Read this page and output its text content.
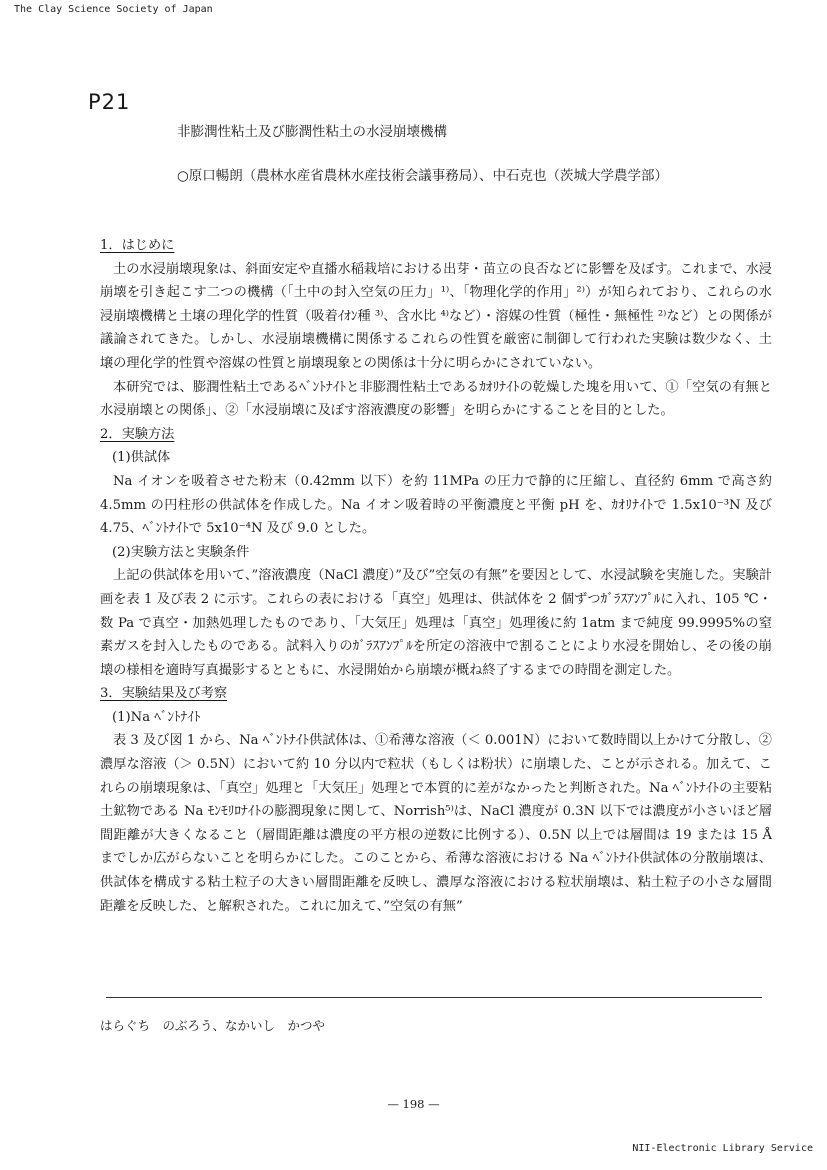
The Clay Science Society of Japan
P21
非膨潤性粘土及び膨潤性粘土の水浸崩壊機構
○原口暢朗（農林水産省農林水産技術会議事務局）、中石克也（茨城大学農学部）

1．はじめに

土の水浸崩壊現象は、斜面安定や直播水稲栽培における出芽・苗立の良否などに影響を及ぼす。これまで、水浸崩壊を引き起こす二つの機構（「土中の封入空気の圧力」¹⁾、「物理化学的作用」²⁾）が知られており、これらの水浸崩壊機構と土壌の理化学的性質（吸着ｲｵﾝ種 ³⁾、含水比 ⁴⁾など）・溶媒の性質（極性・無極性 ²⁾など）との関係が議論されてきた。しかし、水浸崩壊機構に関係するこれらの性質を厳密に制御して行われた実験は数少なく、土壌の理化学的性質や溶媒の性質と崩壊現象との関係は十分に明らかにされていない。

本研究では、膨潤性粘土であるﾍﾞﾝﾄﾅｲﾄと非膨潤性粘土であるｶｵﾘﾅｲﾄの乾燥した塊を用いて、①「空気の有無と水浸崩壊との関係」、②「水浸崩壊に及ぼす溶液濃度の影響」を明らかにすることを目的とした。

2．実験方法

(1)供試体

Na イオンを吸着させた粉末（0.42mm 以下）を約 11MPa の圧力で静的に圧縮し、直径約 6mm で高さ約 4.5mm の円柱形の供試体を作成した。Na イオン吸着時の平衡濃度と平衡 pH を、ｶｵﾘﾅｲﾄで 1.5x10⁻³N 及び 4.75、ﾍﾞﾝﾄﾅｲﾄで 5x10⁻⁴N 及び 9.0 とした。

(2)実験方法と実験条件

上記の供試体を用いて、”溶液濃度（NaCl 濃度）”及び”空気の有無”を要因として、水浸試験を実施した。実験計画を表 1 及び表 2 に示す。これらの表における「真空」処理は、供試体を 2 個ずつｶﾞﾗｽｱﾝﾌﾟﾙに入れ、105 ℃・数 Pa で真空・加熱処理したものであり、「大気圧」処理は「真空」処理後に約 1atm まで純度 99.9995%の窒素ガスを封入したものである。試料入りのｶﾞﾗｽｱﾝﾌﾟﾙを所定の溶液中で割ることにより水浸を開始し、その後の崩壊の様相を適時写真撮影するとともに、水浸開始から崩壊が概ね終了するまでの時間を測定した。

3．実験結果及び考察

(1)Na ﾍﾞﾝﾄﾅｲﾄ

表 3 及び図 1 から、Na ﾍﾞﾝﾄﾅｲﾄ供試体は、①希薄な溶液（＜ 0.001N）において数時間以上かけて分散し、②濃厚な溶液（＞ 0.5N）において約 10 分以内で粒状（もしくは粉状）に崩壊した、ことが示される。加えて、これらの崩壊現象は、「真空」処理と「大気圧」処理とで本質的に差がなかったと判断された。Na ﾍﾞﾝﾄﾅｲﾄの主要粘土鉱物である Na ﾓﾝﾓﾘﾛﾅｲﾄの膨潤現象に関して、Norrish⁵⁾は、NaCl 濃度が 0.3N 以下では濃度が小さいほど層間距離が大きくなること（層間距離は濃度の平方根の逆数に比例する）、0.5N 以上では層間は 19 または 15 Å までしか広がらないことを明らかにした。このことから、希薄な溶液における Na ﾍﾞﾝﾄﾅｲﾄ供試体の分散崩壊は、供試体を構成する粘土粒子の大きい層間距離を反映し、濃厚な溶液における粒状崩壊は、粘土粒子の小さな層間距離を反映した、と解釈された。これに加えて、”空気の有無”

はらぐち　のぶろう、なかいし　かつや
— 198 —
NII-Electronic Library Service
